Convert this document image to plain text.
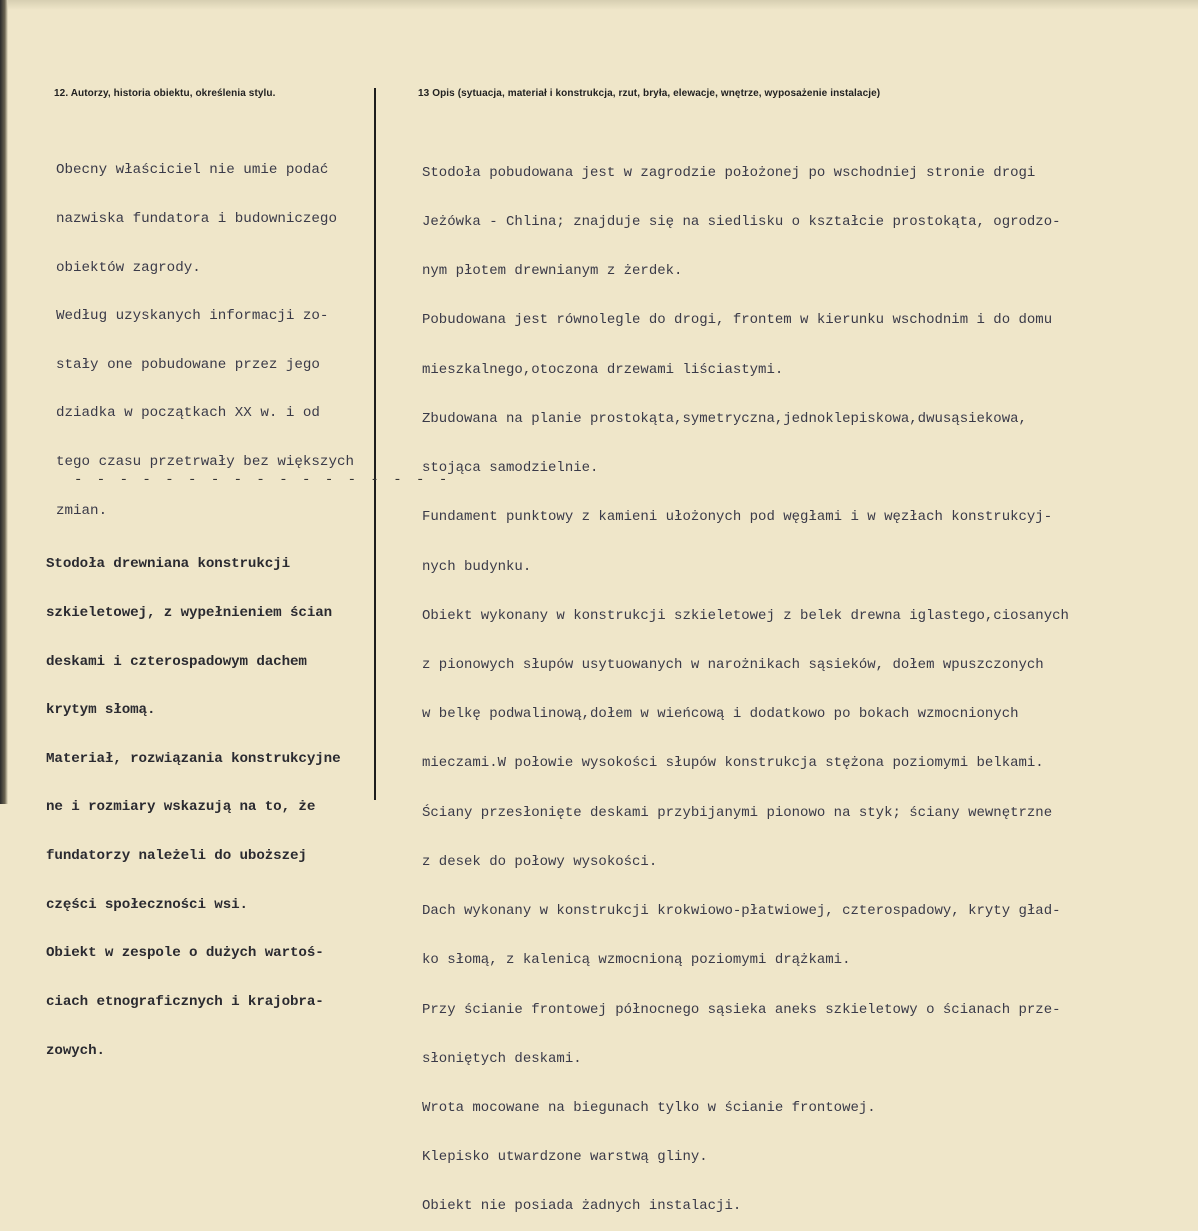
12. Autorzy, historia obiektu, określenia stylu.	13 Opis (sytuacja, materiał i konstrukcja, rzut, bryła, elewacje, wnętrze, wyposażenie instalacje)

Obecny właściciel nie umie podać

nazwiska fundatora i budowniczego

obiektów zagrody.

Według uzyskanych informacji zo-

stały one pobudowane przez jego

dziadka w początkach XX w. i od

tego czasu przetrwały bez większych

zmian.

- - - - - - - - - - - - - - - - -

Stodoła drewniana konstrukcji

szkieletowej, z wypełnieniem ścian

deskami i czterospadowym dachem

krytym słomą.

Materiał, rozwiązania konstrukcyjne

ne i rozmiary wskazują na to, że

fundatorzy należeli do uboższej

części społeczności wsi.

Obiekt w zespole o dużych wartoś-

ciach etnograficznych i krajobra-

zowych.

Stodoła pobudowana jest w zagrodzie położonej po wschodniej stronie drogi

Jeżówka - Chlina; znajduje się na siedlisku o kształcie prostokąta, ogrodzo-

nym płotem drewnianym z żerdek.

Pobudowana jest równolegle do drogi, frontem w kierunku wschodnim i do domu

mieszkalnego,otoczona drzewami liściastymi.

Zbudowana na planie prostokąta,symetryczna,jednoklepiskowa,dwusąsiekowa,

stojąca samodzielnie.

Fundament punktowy z kamieni ułożonych pod węgłami i w węzłach konstrukcyj-

nych budynku.

Obiekt wykonany w konstrukcji szkieletowej z belek drewna iglastego,ciosanych

z pionowych słupów usytuowanych w narożnikach sąsieków, dołem wpuszczonych

w belkę podwalinową,dołem w wieńcową i dodatkowo po bokach wzmocnionych

mieczami.W połowie wysokości słupów konstrukcja stężona poziomymi belkami.

Ściany przesłonięte deskami przybijanymi pionowo na styk; ściany wewnętrzne

z desek do połowy wysokości.

Dach wykonany w konstrukcji krokwiowo-płatwiowej, czterospadowy, kryty gład-

ko słomą, z kalenicą wzmocnioną poziomymi drążkami.

Przy ścianie frontowej północnego sąsieka aneks szkieletowy o ścianach prze-

słoniętych deskami.

Wrota mocowane na biegunach tylko w ścianie frontowej.

Klepisko utwardzone warstwą gliny.

Obiekt nie posiada żadnych instalacji.
